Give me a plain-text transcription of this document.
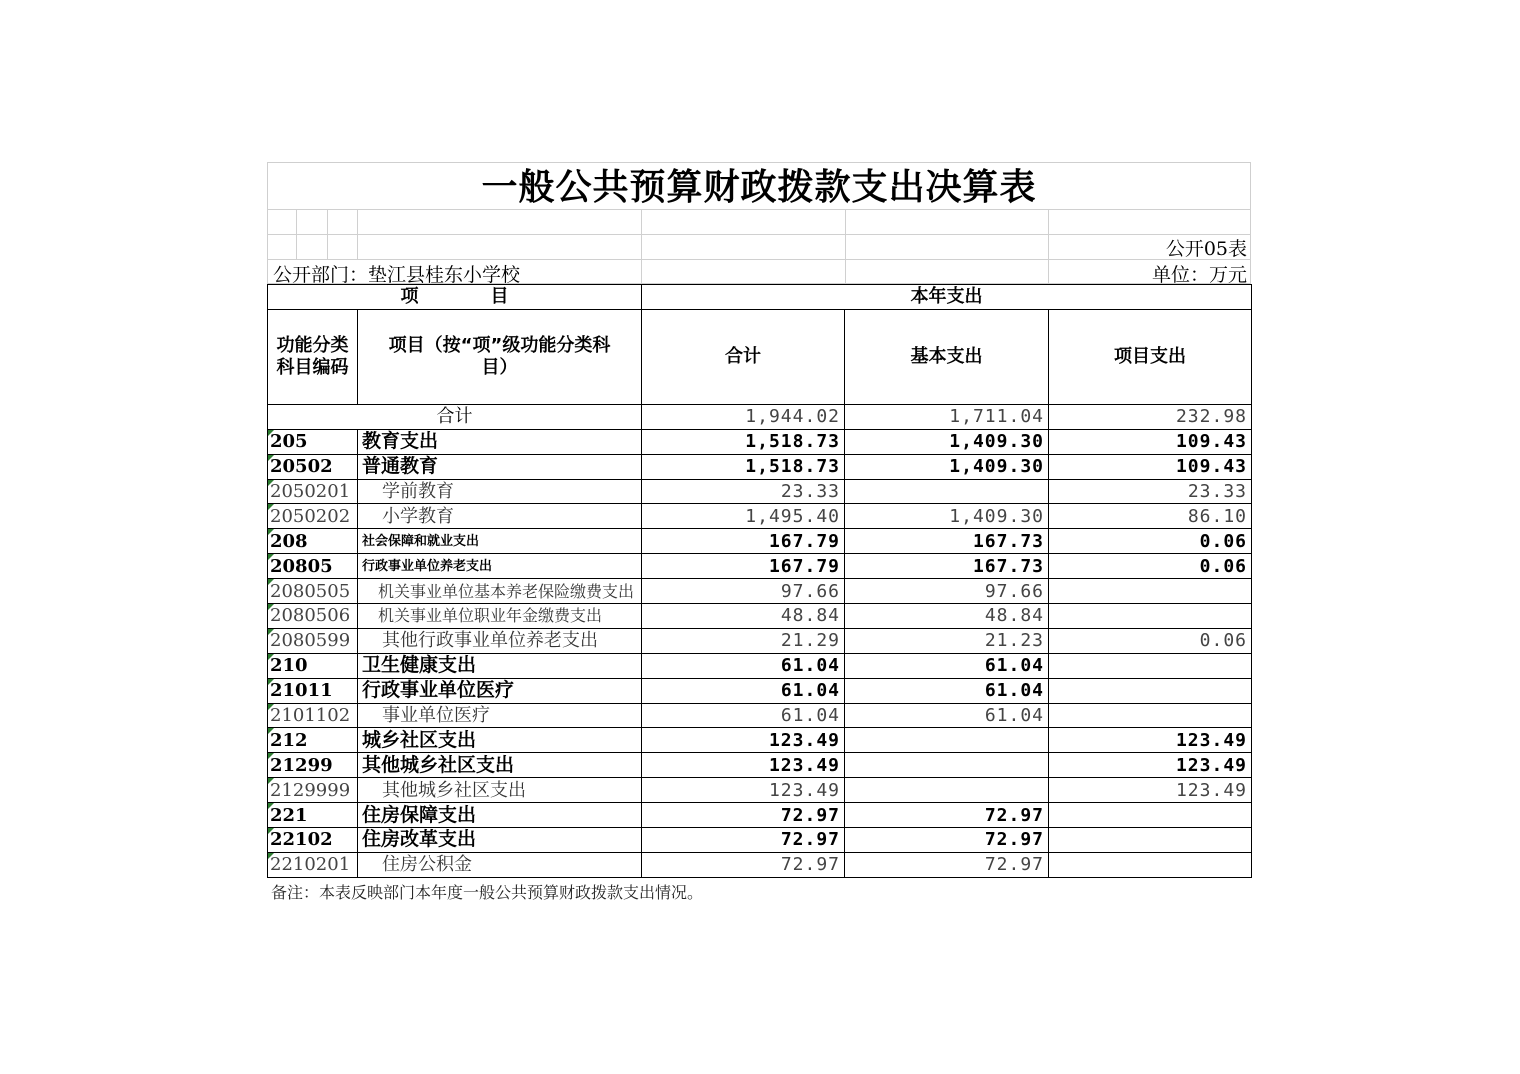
一般公共预算财政拨款支出决算表
公开05表
公开部门：垫江县桂东小学校	单位：万元
项　　　　目		本年支出		
功能分类科目编码	项目（按“项”级功能分类科目）	合计	基本支出	项目支出
合计		1,944.02	1,711.04	232.98
205	教育支出	1,518.73	1,409.30	109.43
20502	普通教育	1,518.73	1,409.30	109.43
2050201	学前教育	23.33		23.33
2050202	小学教育	1,495.40	1,409.30	86.10
208	社会保障和就业支出	167.79	167.73	0.06
20805	行政事业单位养老支出	167.79	167.73	0.06
2080505	机关事业单位基本养老保险缴费支出	97.66	97.66	
2080506	机关事业单位职业年金缴费支出	48.84	48.84	
2080599	其他行政事业单位养老支出	21.29	21.23	0.06
210	卫生健康支出	61.04	61.04	
21011	行政事业单位医疗	61.04	61.04	
2101102	事业单位医疗	61.04	61.04	
212	城乡社区支出	123.49		123.49
21299	其他城乡社区支出	123.49		123.49
2129999	其他城乡社区支出	123.49		123.49
221	住房保障支出	72.97	72.97	
22102	住房改革支出	72.97	72.97	
2210201	住房公积金	72.97	72.97	
备注：本表反映部门本年度一般公共预算财政拨款支出情况。
